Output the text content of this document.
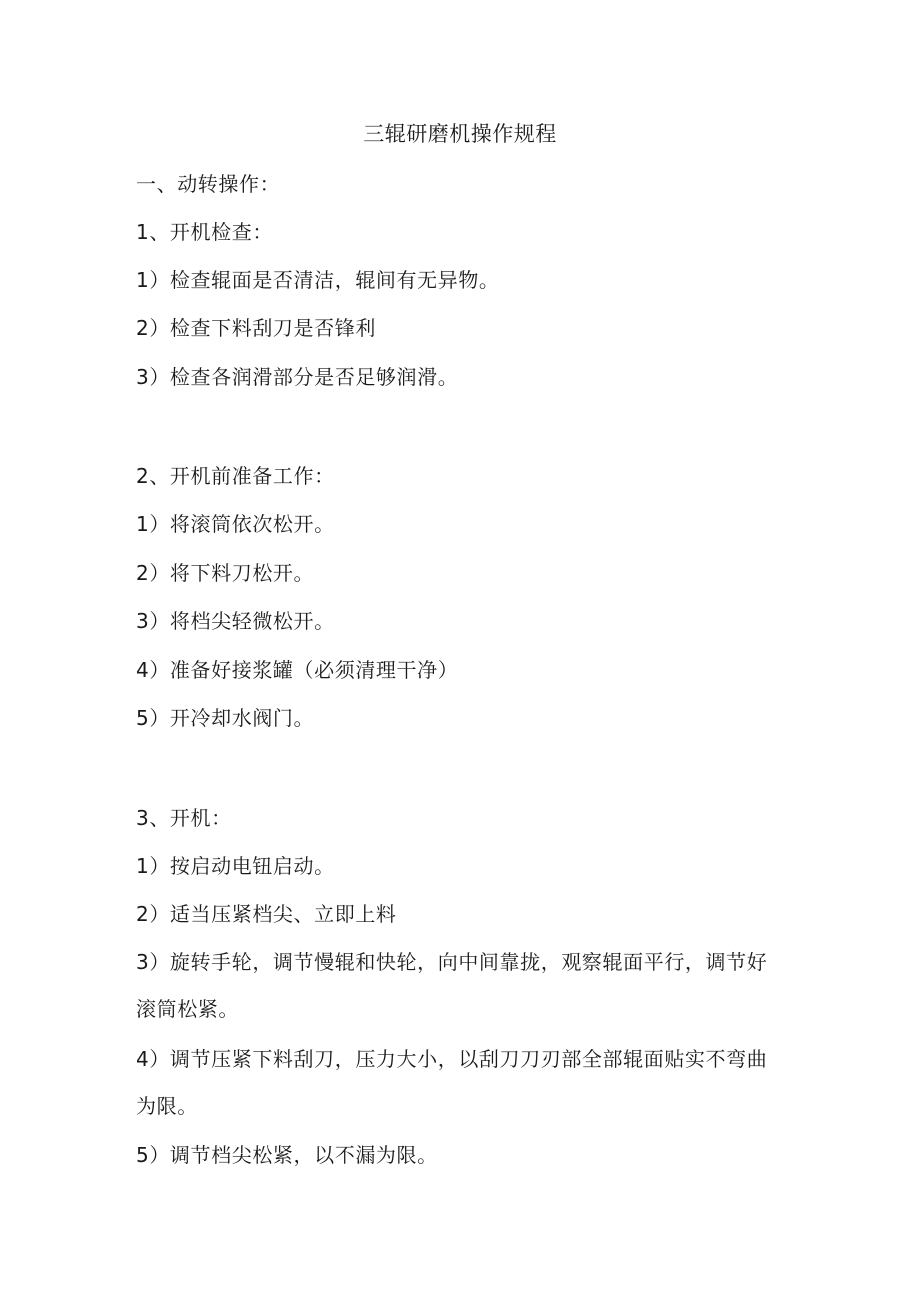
三辊研磨机操作规程
一、动转操作：
1、开机检查：
1）检查辊面是否清洁，辊间有无异物。
2）检查下料刮刀是否锋利
3）检查各润滑部分是否足够润滑。
2、开机前准备工作：
1）将滚筒依次松开。
2）将下料刀松开。
3）将档尖轻微松开。
4）准备好接浆罐（必须清理干净）
5）开冷却水阀门。
3、开机：
1）按启动电钮启动。
2）适当压紧档尖、立即上料
3）旋转手轮，调节慢辊和快轮，向中间靠拢，观察辊面平行，调节好滚筒松紧。
4）调节压紧下料刮刀，压力大小，以刮刀刀刃部全部辊面贴实不弯曲为限。
5）调节档尖松紧，以不漏为限。
